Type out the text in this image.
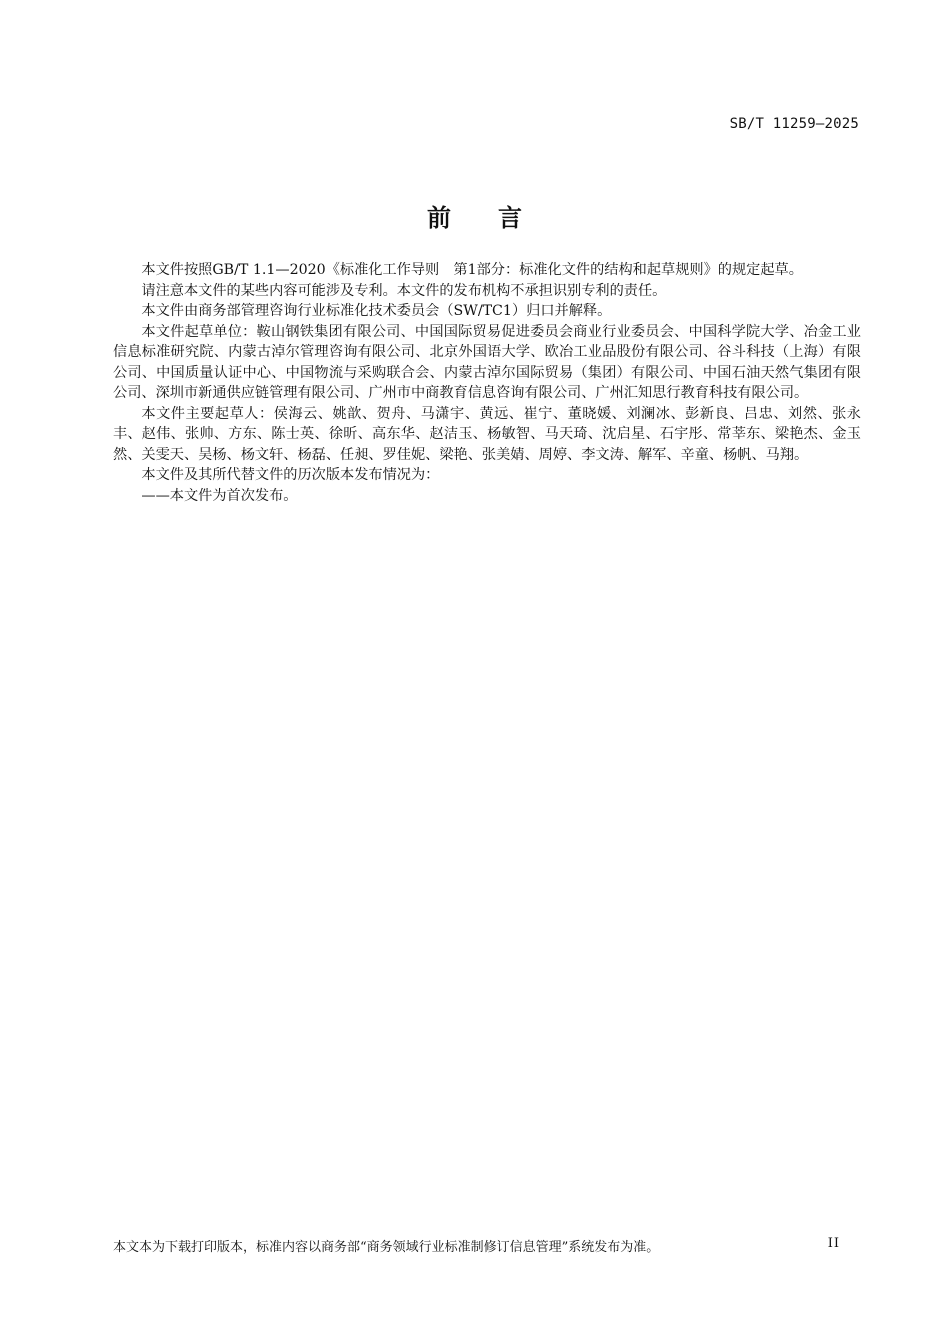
SB/T 11259—2025
前 言

本文件按照GB/T 1.1—2020《标准化工作导则　第1部分：标准化文件的结构和起草规则》的规定起草。

请注意本文件的某些内容可能涉及专利。本文件的发布机构不承担识别专利的责任。

本文件由商务部管理咨询行业标准化技术委员会（SW/TC1）归口并解释。

本文件起草单位：鞍山钢铁集团有限公司、中国国际贸易促进委员会商业行业委员会、中国科学院大学、冶金工业信息标准研究院、内蒙古淖尔管理咨询有限公司、北京外国语大学、欧冶工业品股份有限公司、谷斗科技（上海）有限公司、中国质量认证中心、中国物流与采购联合会、内蒙古淖尔国际贸易（集团）有限公司、中国石油天然气集团有限公司、深圳市新通供应链管理有限公司、广州市中商教育信息咨询有限公司、广州汇知思行教育科技有限公司。

本文件主要起草人：侯海云、姚歆、贺舟、马潇宇、黄远、崔宁、董晓媛、刘澜冰、彭新良、吕忠、刘然、张永丰、赵伟、张帅、方东、陈士英、徐昕、高东华、赵洁玉、杨敏智、马天琦、沈启星、石宇彤、常莘东、梁艳杰、金玉然、关雯天、吴杨、杨文轩、杨磊、任昶、罗佳妮、梁艳、张美婧、周婷、李文涛、解军、辛童、杨帆、马翔。

本文件及其所代替文件的历次版本发布情况为：

——本文件为首次发布。

本文本为下载打印版本，标准内容以商务部“商务领域行业标准制修订信息管理”系统发布为准。	II
